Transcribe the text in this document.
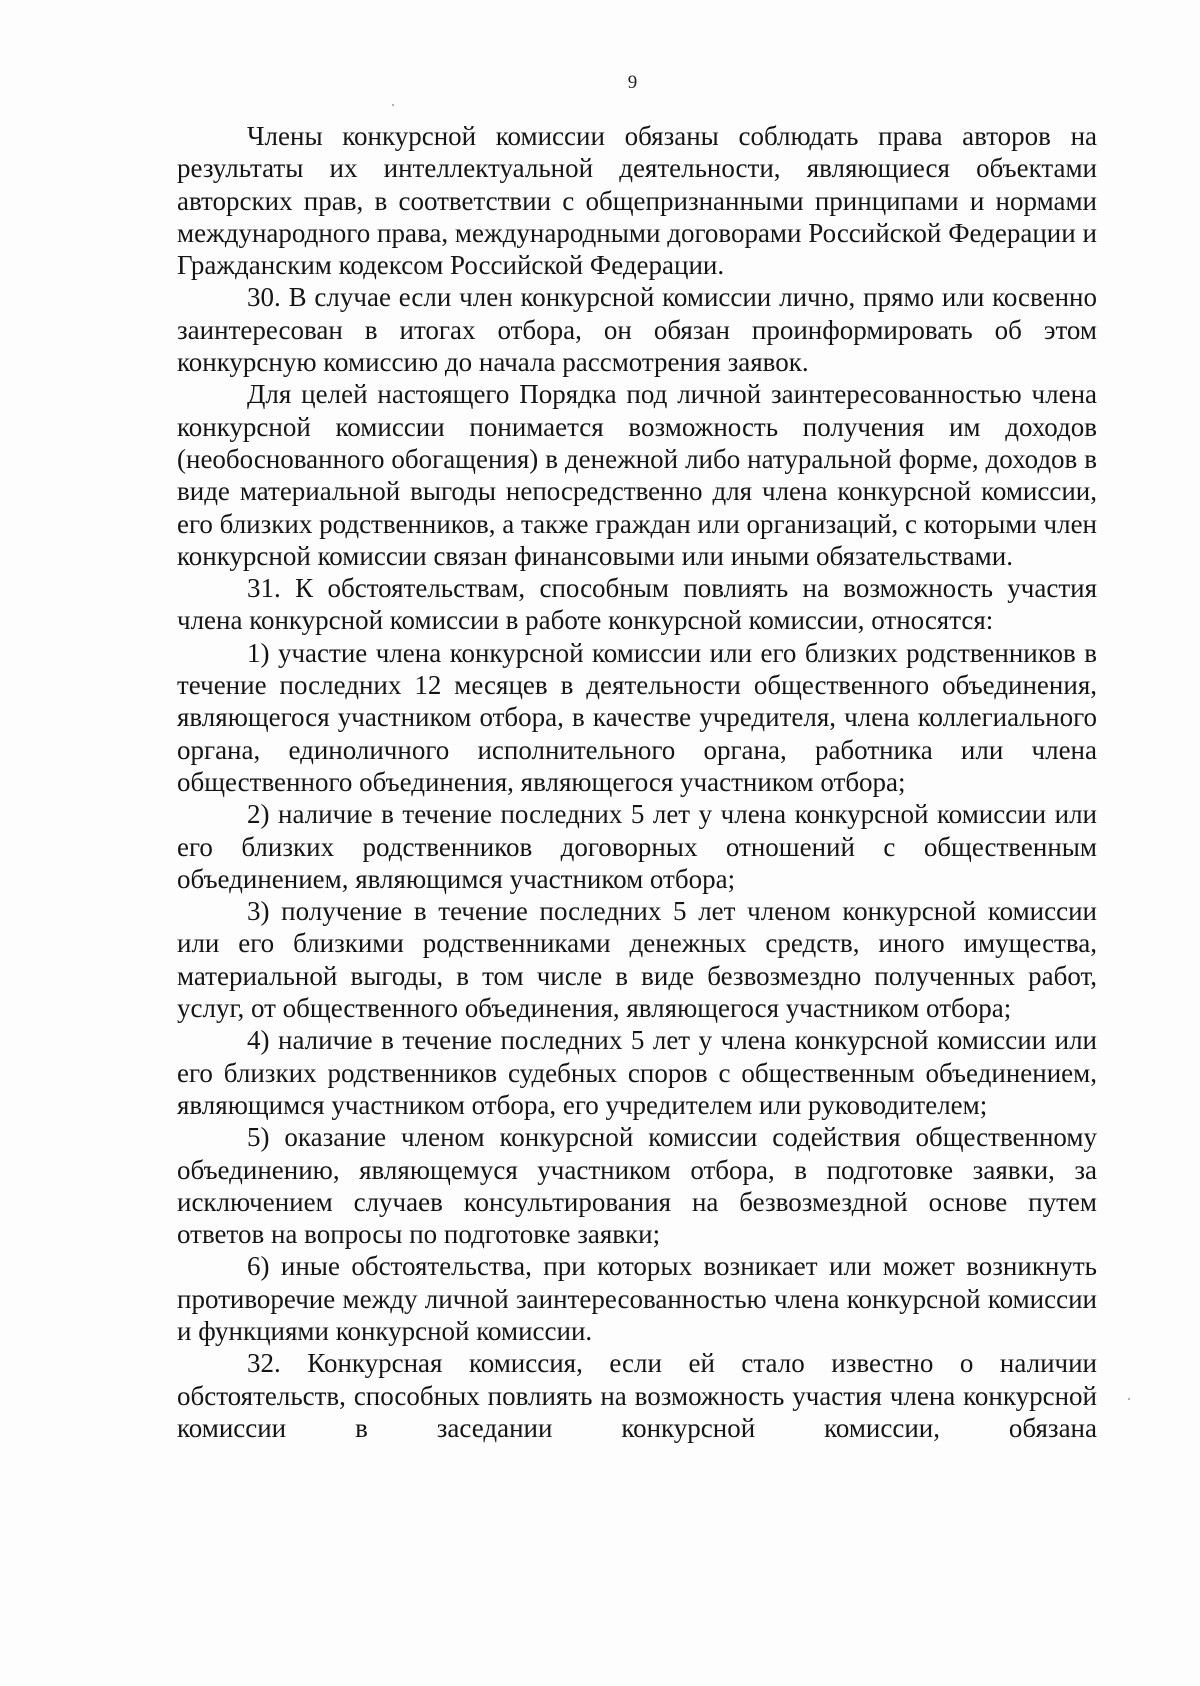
9

Члены конкурсной комиссии обязаны соблюдать права авторов на результаты их интеллектуальной деятельности, являющиеся объектами авторских прав, в соответствии с общепризнанными принципами и нормами международного права, международными договорами Российской Федерации и Гражданским кодексом Российской Федерации.

30. В случае если член конкурсной комиссии лично, прямо или косвенно заинтересован в итогах отбора, он обязан проинформировать об этом конкурсную комиссию до начала рассмотрения заявок.

Для целей настоящего Порядка под личной заинтересованностью члена конкурсной комиссии понимается возможность получения им доходов (необоснованного обогащения) в денежной либо натуральной форме, доходов в виде материальной выгоды непосредственно для члена конкурсной комиссии, его близких родственников, а также граждан или организаций, с которыми член конкурсной комиссии связан финансовыми или иными обязательствами.

31. К обстоятельствам, способным повлиять на возможность участия члена конкурсной комиссии в работе конкурсной комиссии, относятся:

1) участие члена конкурсной комиссии или его близких родственников в течение последних 12 месяцев в деятельности общественного объединения, являющегося участником отбора, в качестве учредителя, члена коллегиального органа, единоличного исполнительного органа, работника или члена общественного объединения, являющегося участником отбора;

2) наличие в течение последних 5 лет у члена конкурсной комиссии или его близких родственников договорных отношений с общественным объединением, являющимся участником отбора;

3) получение в течение последних 5 лет членом конкурсной комиссии или его близкими родственниками денежных средств, иного имущества, материальной выгоды, в том числе в виде безвозмездно полученных работ, услуг, от общественного объединения, являющегося участником отбора;

4) наличие в течение последних 5 лет у члена конкурсной комиссии или его близких родственников судебных споров с общественным объединением, являющимся участником отбора, его учредителем или руководителем;

5) оказание членом конкурсной комиссии содействия общественному объединению, являющемуся участником отбора, в подготовке заявки, за исключением случаев консультирования на безвозмездной основе путем ответов на вопросы по подготовке заявки;

6) иные обстоятельства, при которых возникает или может возникнуть противоречие между личной заинтересованностью члена конкурсной комиссии и функциями конкурсной комиссии.

32. Конкурсная комиссия, если ей стало известно о наличии обстоятельств, способных повлиять на возможность участия члена конкурсной комиссии в заседании конкурсной комиссии, обязана
